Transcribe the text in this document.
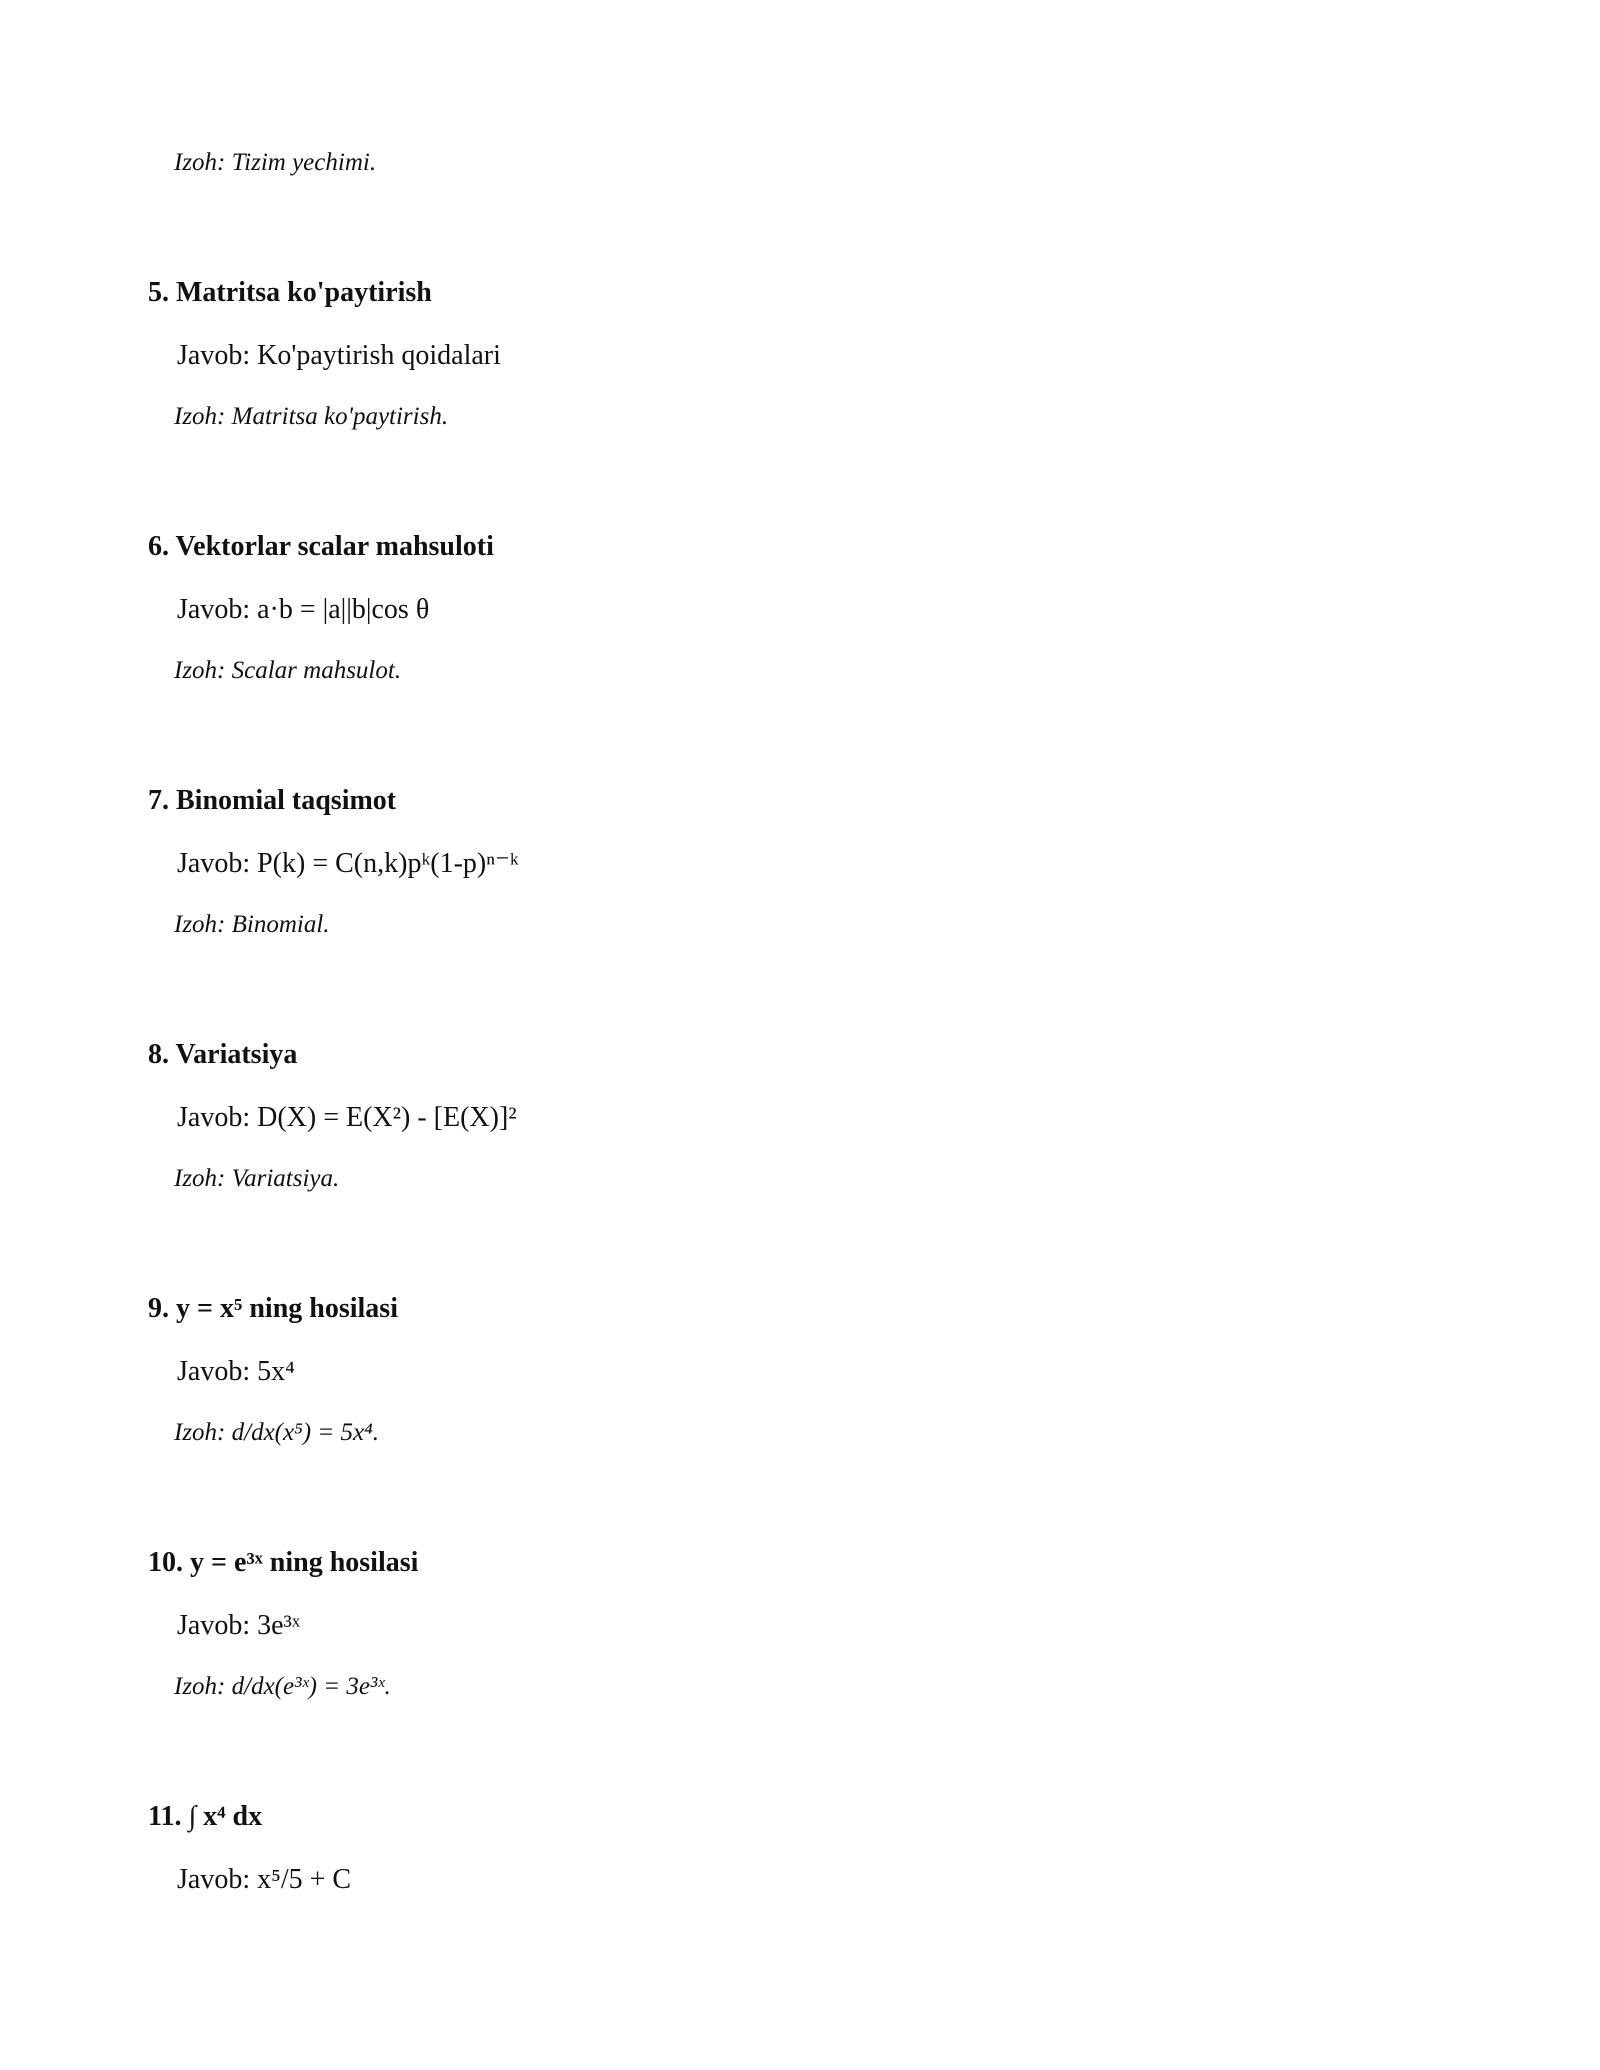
Izoh: Tizim yechimi.
5. Matritsa ko'paytirish
Javob: Ko'paytirish qoidalari
Izoh: Matritsa ko'paytirish.
6. Vektorlar scalar mahsuloti
Javob: a·b = |a||b|cos θ
Izoh: Scalar mahsulot.
7. Binomial taqsimot
Javob: P(k) = C(n,k)pᵏ(1-p)ⁿ⁻ᵏ
Izoh: Binomial.
8. Variatsiya
Javob: D(X) = E(X²) - [E(X)]²
Izoh: Variatsiya.
9. y = x⁵ ning hosilasi
Javob: 5x⁴
Izoh: d/dx(x⁵) = 5x⁴.
10. y = e³ˣ ning hosilasi
Javob: 3e³ˣ
Izoh: d/dx(e³ˣ) = 3e³ˣ.
11. ∫ x⁴ dx
Javob: x⁵/5 + C
